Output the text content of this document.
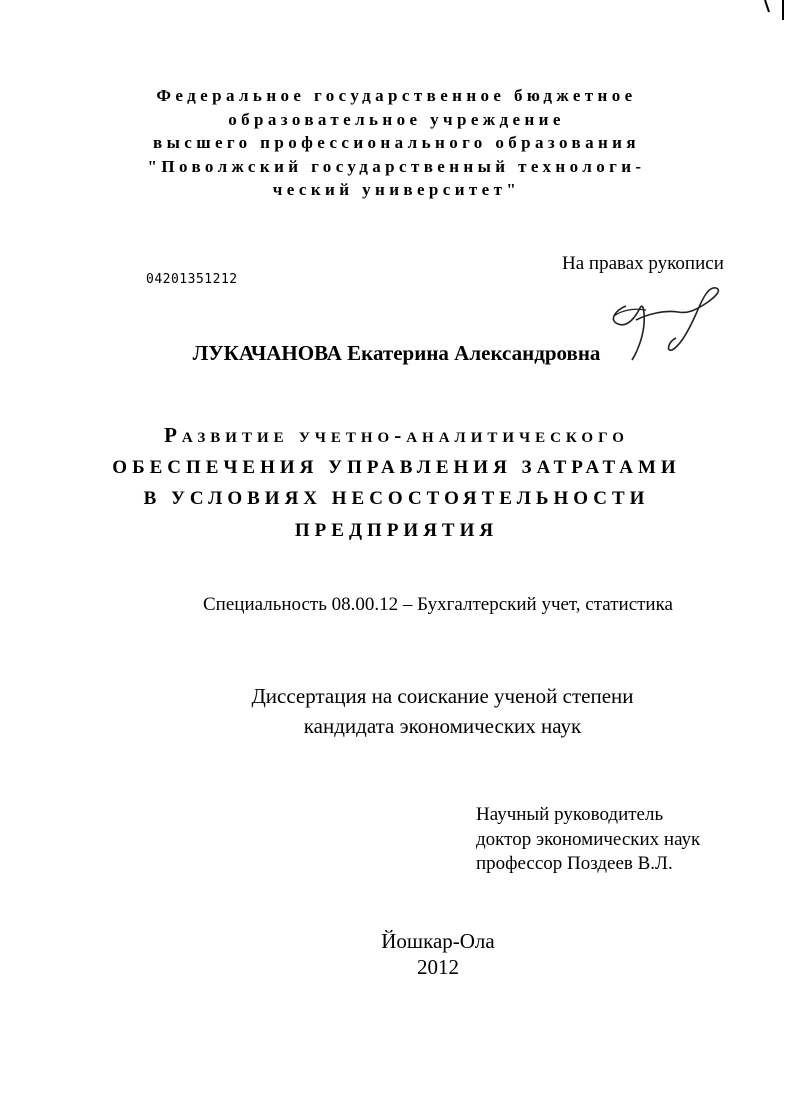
Федеральное государственное бюджетное
образовательное учреждение
высшего профессионального образования
"Поволжский государственный технологи-
ческий университет"
04201351212
На правах рукописи
ЛУКАЧАНОВА Екатерина Александровна
Развитие учетно-аналитического
ОБЕСПЕЧЕНИЯ УПРАВЛЕНИЯ ЗАТРАТАМИ
В УСЛОВИЯХ НЕСОСТОЯТЕЛЬНОСТИ
ПРЕДПРИЯТИЯ
Специальность 08.00.12 – Бухгалтерский учет, статистика
Диссертация на соискание ученой степени
кандидата экономических наук
Научный руководитель
доктор экономических наук
профессор Поздеев В.Л.
Йошкар-Ола
2012
